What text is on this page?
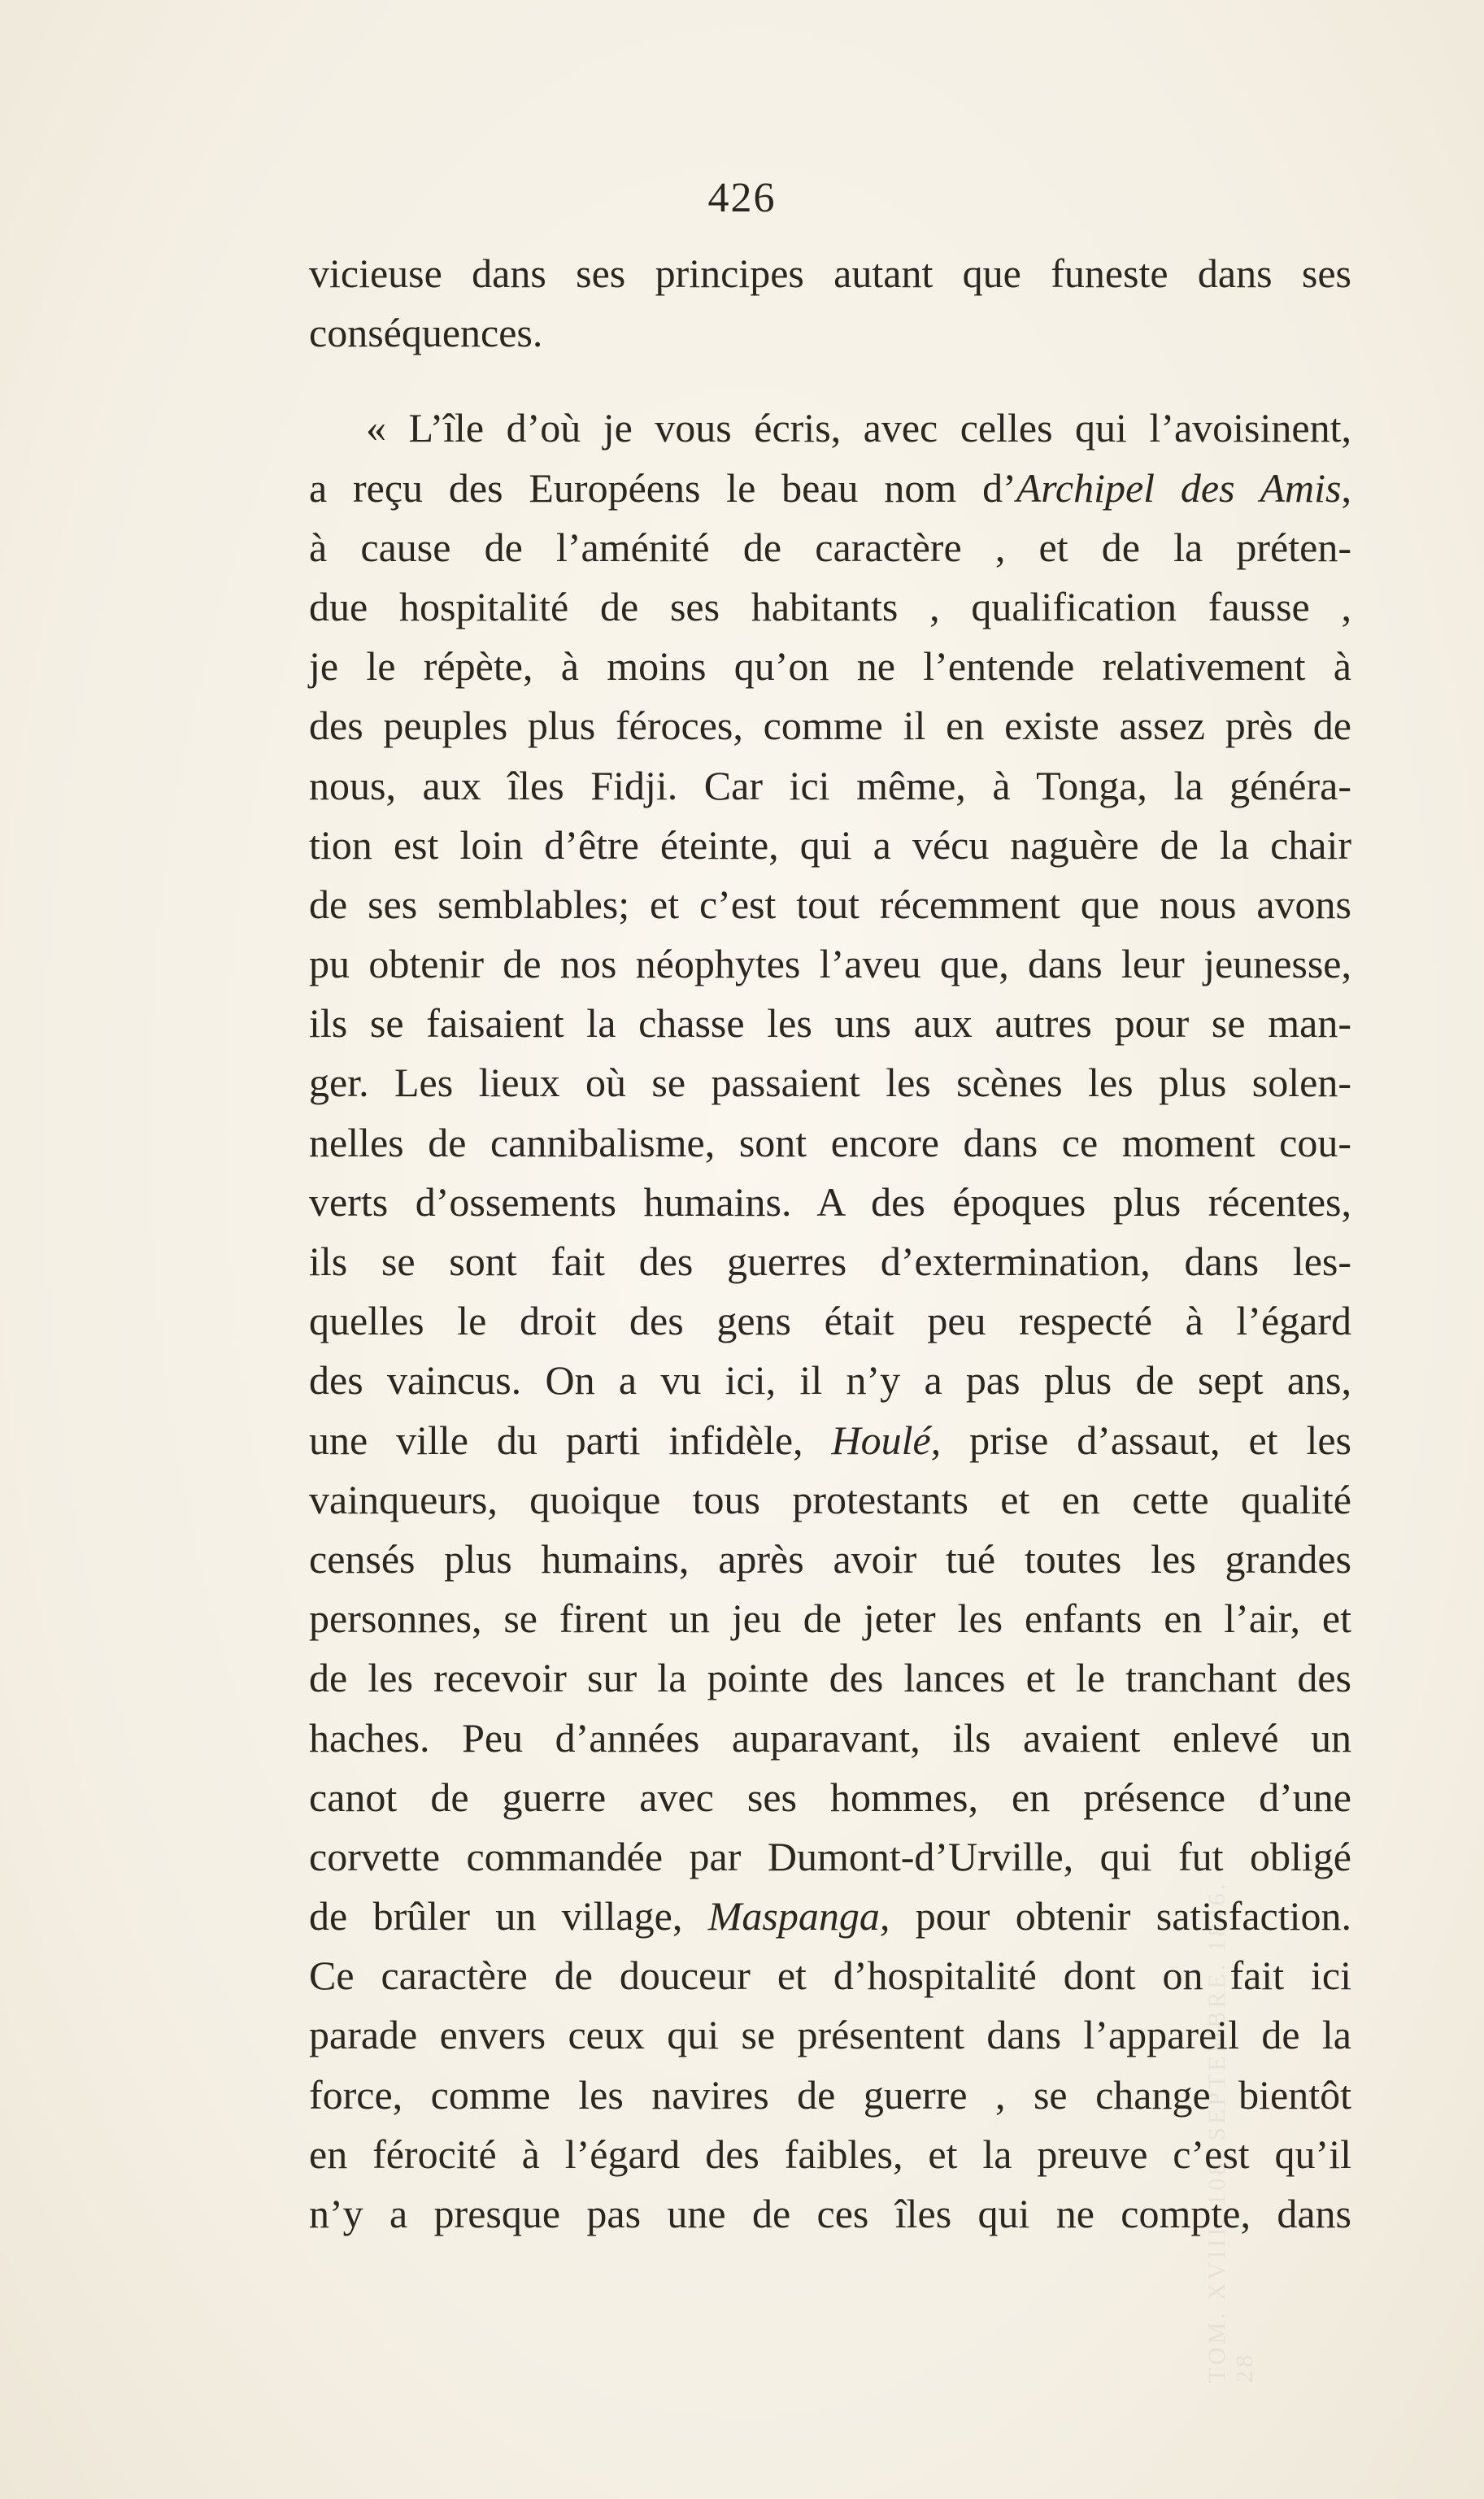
426
vicieuse dans ses principes autant que funeste dans ses
conséquences.
« L’île d’où je vous écris, avec celles qui l’avoisinent,
a reçu des Européens le beau nom d’Archipel des Amis,
à cause de l’aménité de caractère , et de la préten-
due hospitalité de ses habitants , qualification fausse ,
je le répète, à moins qu’on ne l’entende relativement à
des peuples plus féroces, comme il en existe assez près de
nous, aux îles Fidji. Car ici même, à Tonga, la généra-
tion est loin d’être éteinte, qui a vécu naguère de la chair
de ses semblables; et c’est tout récemment que nous avons
pu obtenir de nos néophytes l’aveu que, dans leur jeunesse,
ils se faisaient la chasse les uns aux autres pour se man-
ger. Les lieux où se passaient les scènes les plus solen-
nelles de cannibalisme, sont encore dans ce moment cou-
verts d’ossements humains. A des époques plus récentes,
ils se sont fait des guerres d’extermination, dans les-
quelles le droit des gens était peu respecté à l’égard
des vaincus. On a vu ici, il n’y a pas plus de sept ans,
une ville du parti infidèle, Houlé, prise d’assaut, et les
vainqueurs, quoique tous protestants et en cette qualité
censés plus humains, après avoir tué toutes les grandes
personnes, se firent un jeu de jeter les enfants en l’air, et
de les recevoir sur la pointe des lances et le tranchant des
haches. Peu d’années auparavant, ils avaient enlevé un
canot de guerre avec ses hommes, en présence d’une
corvette commandée par Dumont-d’Urville, qui fut obligé
de brûler un village, Maspanga, pour obtenir satisfaction.
Ce caractère de douceur et d’hospitalité dont on fait ici
parade envers ceux qui se présentent dans l’appareil de la
force, comme les navires de guerre , se change bientôt
en férocité à l’égard des faibles, et la preuve c’est qu’il
n’y a presque pas une de ces îles qui ne compte, dans
TOM. XVIII. 108. SEPTEMBRE. 1846. 28
